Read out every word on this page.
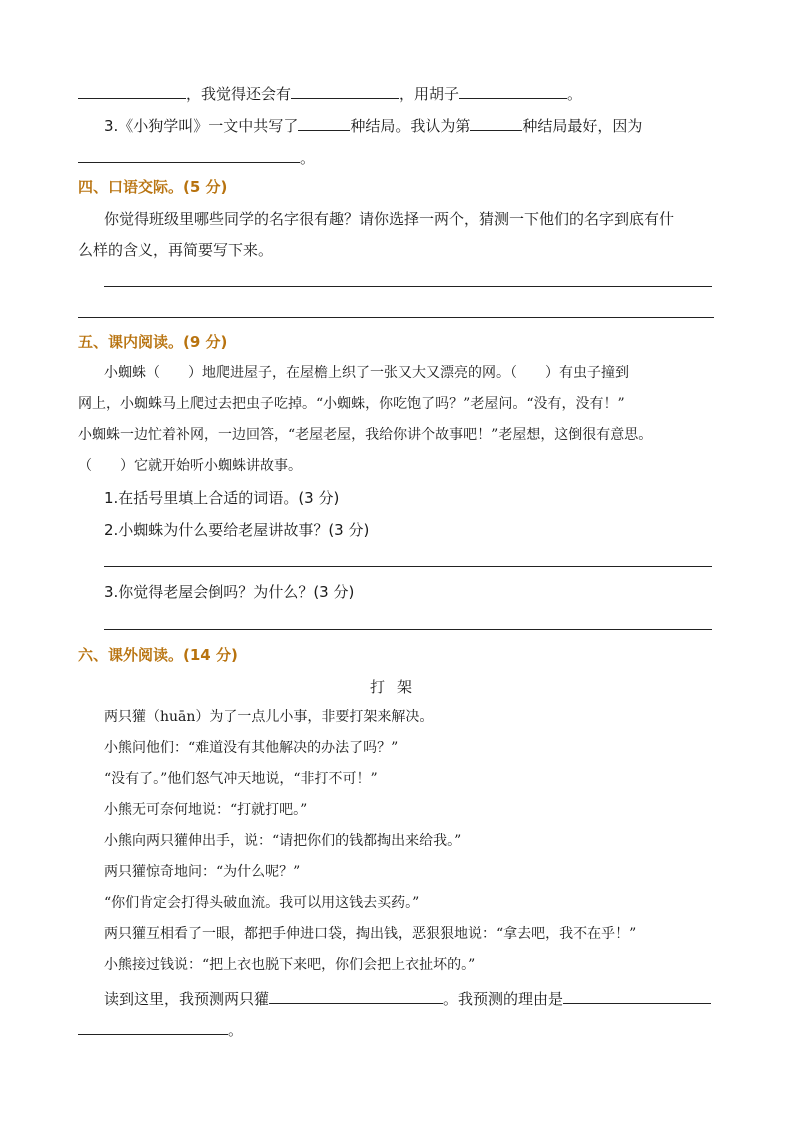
，我觉得还会有	，用胡子	。
3.《小狗学叫》一文中共写了	种结局。我认为第	种结局最好，因为
。
四、口语交际。(5 分)
你觉得班级里哪些同学的名字很有趣？请你选择一两个，猜测一下他们的名字到底有什
么样的含义，再简要写下来。
五、课内阅读。(9 分)
小蜘蛛（　　）地爬进屋子，在屋檐上织了一张又大又漂亮的网。（　　）有虫子撞到
网上，小蜘蛛马上爬过去把虫子吃掉。“小蜘蛛，你吃饱了吗？”老屋问。“没有，没有！”
小蜘蛛一边忙着补网，一边回答，“老屋老屋，我给你讲个故事吧！”老屋想，这倒很有意思。
（　　）它就开始听小蜘蛛讲故事。
1.在括号里填上合适的词语。(3 分)
2.小蜘蛛为什么要给老屋讲故事？(3 分)
3.你觉得老屋会倒吗？为什么？(3 分)
六、课外阅读。(14 分)
打架
两只獾（huān）为了一点儿小事，非要打架来解决。
小熊问他们：“难道没有其他解决的办法了吗？”
“没有了。”他们怒气冲天地说，“非打不可！”
小熊无可奈何地说：“打就打吧。”
小熊向两只獾伸出手，说：“请把你们的钱都掏出来给我。”
两只獾惊奇地问：“为什么呢？”
“你们肯定会打得头破血流。我可以用这钱去买药。”
两只獾互相看了一眼，都把手伸进口袋，掏出钱，恶狠狠地说：“拿去吧，我不在乎！”
小熊接过钱说：“把上衣也脱下来吧，你们会把上衣扯坏的。”
读到这里，我预测两只獾	。我预测的理由是
。
